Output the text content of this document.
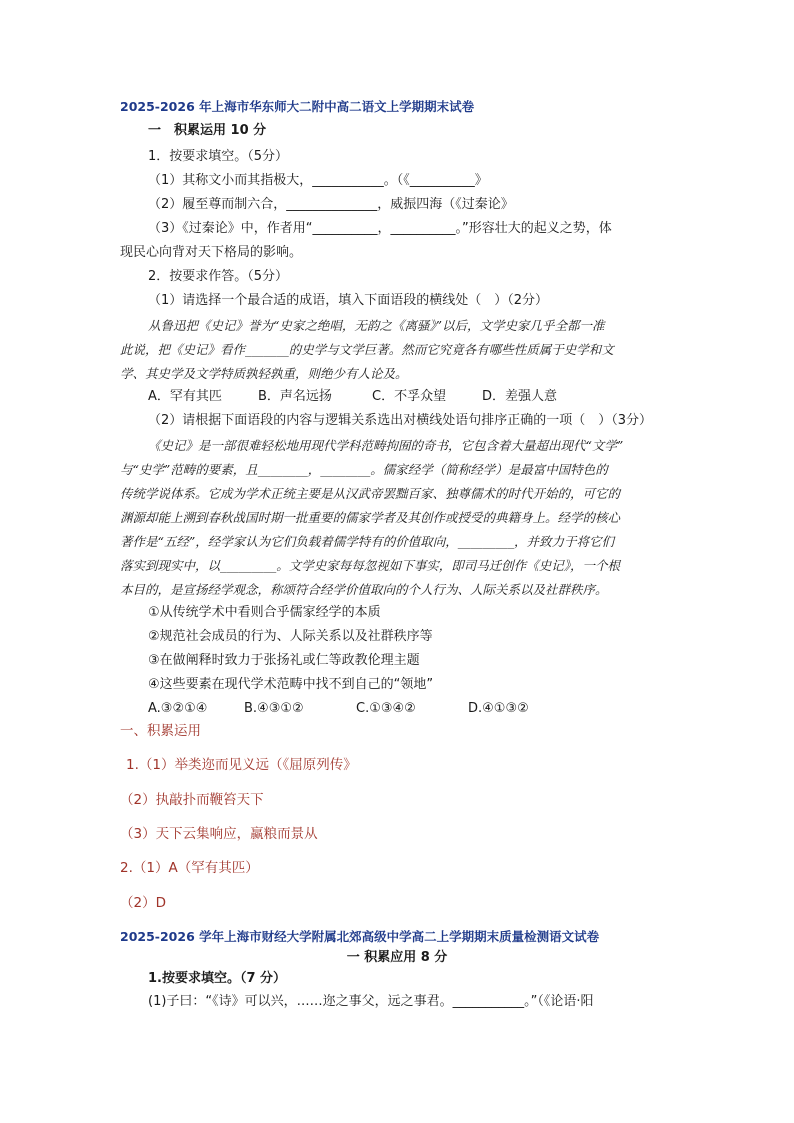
2025-2026 年上海市华东师大二附中高二语文上学期期末试卷
一　积累运用 10 分
1．按要求填空。（5分）
（1）其称文小而其指极大，___________。（《__________》
（2）履至尊而制六合，______________，威振四海（《过秦论》
（3）《过秦论》中，作者用“__________，__________。”形容壮大的起义之势，体
现民心向背对天下格局的影响。
2．按要求作答。（5分）
（1）请选择一个最合适的成语，填入下面语段的横线处（　）（2分）
从鲁迅把《史记》誉为“史家之绝唱，无韵之《离骚》”以后，文学史家几乎全都一准
此说，把《史记》看作_______的史学与文学巨著。然而它究竟各有哪些性质属于史学和文
学、其史学及文学特质孰轻孰重，则绝少有人论及。
A．罕有其匹	B．声名远扬	C．不孚众望	D．差强人意
（2）请根据下面语段的内容与逻辑关系选出对横线处语句排序正确的一项（　）（3分）
《史记》是一部很难轻松地用现代学科范畴拘囿的奇书，它包含着大量超出现代“文学”
与“史学”范畴的要素，且________，________。儒家经学（简称经学）是最富中国特色的
传统学说体系。它成为学术正统主要是从汉武帝罢黜百家、独尊儒术的时代开始的，可它的
渊源却能上溯到春秋战国时期一批重要的儒家学者及其创作或授受的典籍身上。经学的核心
著作是“五经”，经学家认为它们负载着儒学特有的价值取向，_________，并致力于将它们
落实到现实中，以_________。文学史家每每忽视如下事实，即司马迁创作《史记》，一个根
本目的，是宣扬经学观念，称颂符合经学价值取向的个人行为、人际关系以及社群秩序。
①从传统学术中看则合乎儒家经学的本质
②规范社会成员的行为、人际关系以及社群秩序等
③在做阐释时致力于张扬礼或仁等政教伦理主题
④这些要素在现代学术范畴中找不到自己的“领地”
A.③②①④	B.④③①②	C.①③④②	D.④①③②
一、积累运用
1.（1）举类迩而见义远（《屈原列传》
（2）执敲扑而鞭笞天下
（3）天下云集响应，赢粮而景从
2.（1）A（罕有其匹）
（2）D
2025-2026 学年上海市财经大学附属北郊高级中学高二上学期期末质量检测语文试卷
一 积累应用 8 分
1.按要求填空。（7 分）
(1)子曰：“《诗》可以兴，……迩之事父，远之事君。___________。”（《论语·阳
